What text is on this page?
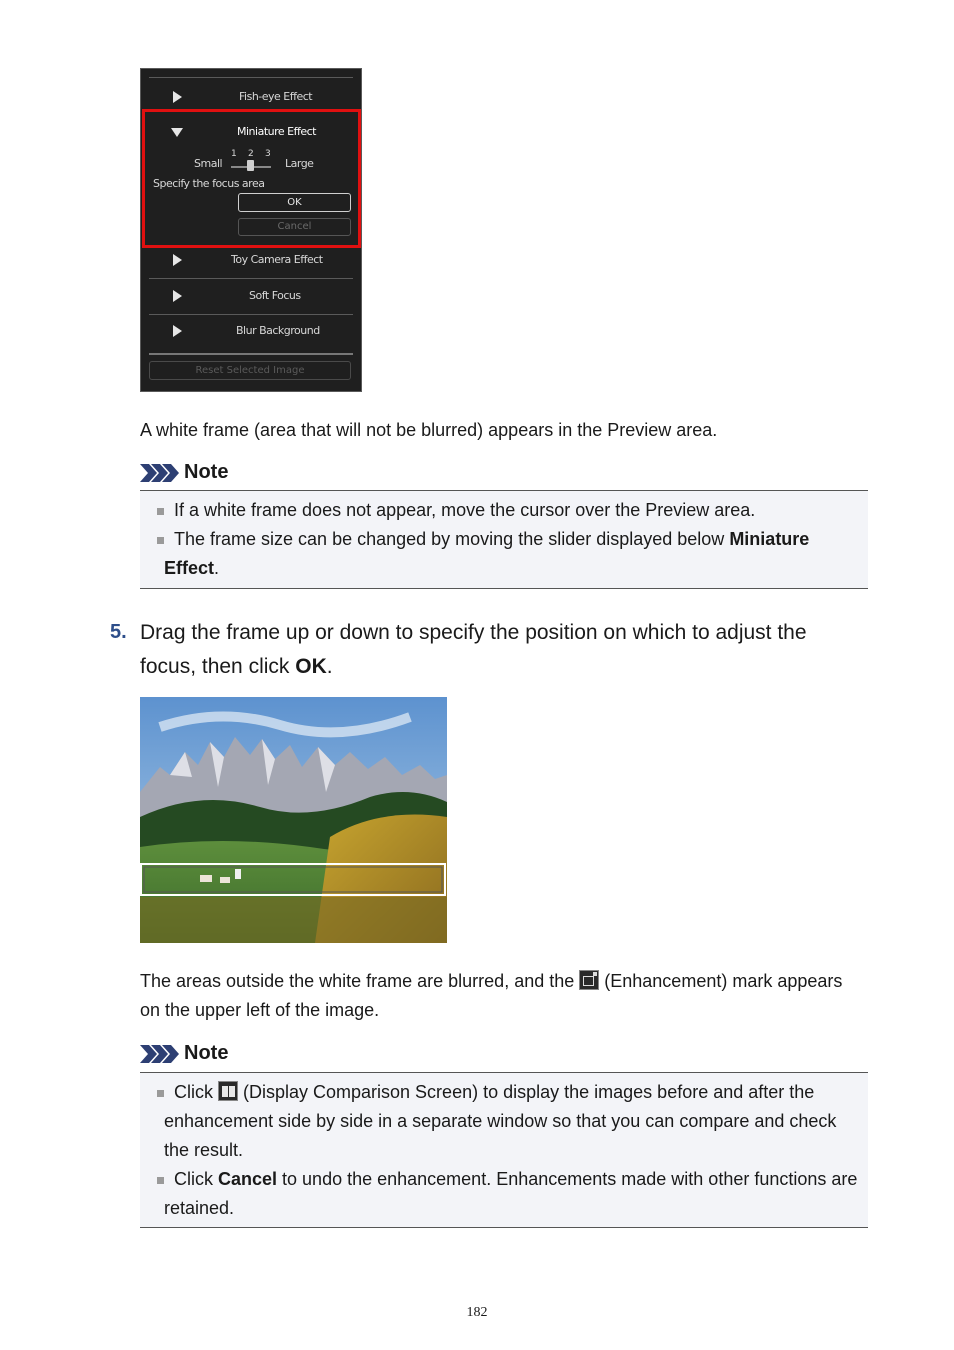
Fish-eye Effect
Miniature Effect
Small
1 2 3
Large
Specify the focus area
OK
Cancel
Toy Camera Effect
Soft Focus
Blur Background
Reset Selected Image
A white frame (area that will not be blurred) appears in the Preview area.
Note
If a white frame does not appear, move the cursor over the Preview area.
The frame size can be changed by moving the slider displayed below Miniature Effect.
5. Drag the frame up or down to specify the position on which to adjust the focus, then click OK.
The areas outside the white frame are blurred, and the
(Enhancement) mark appears on the upper left of the image.
Note
Click
(Display Comparison Screen) to display the images before and after the enhancement side by side in a separate window so that you can compare and check the result.
Click Cancel to undo the enhancement. Enhancements made with other functions are retained.
182
